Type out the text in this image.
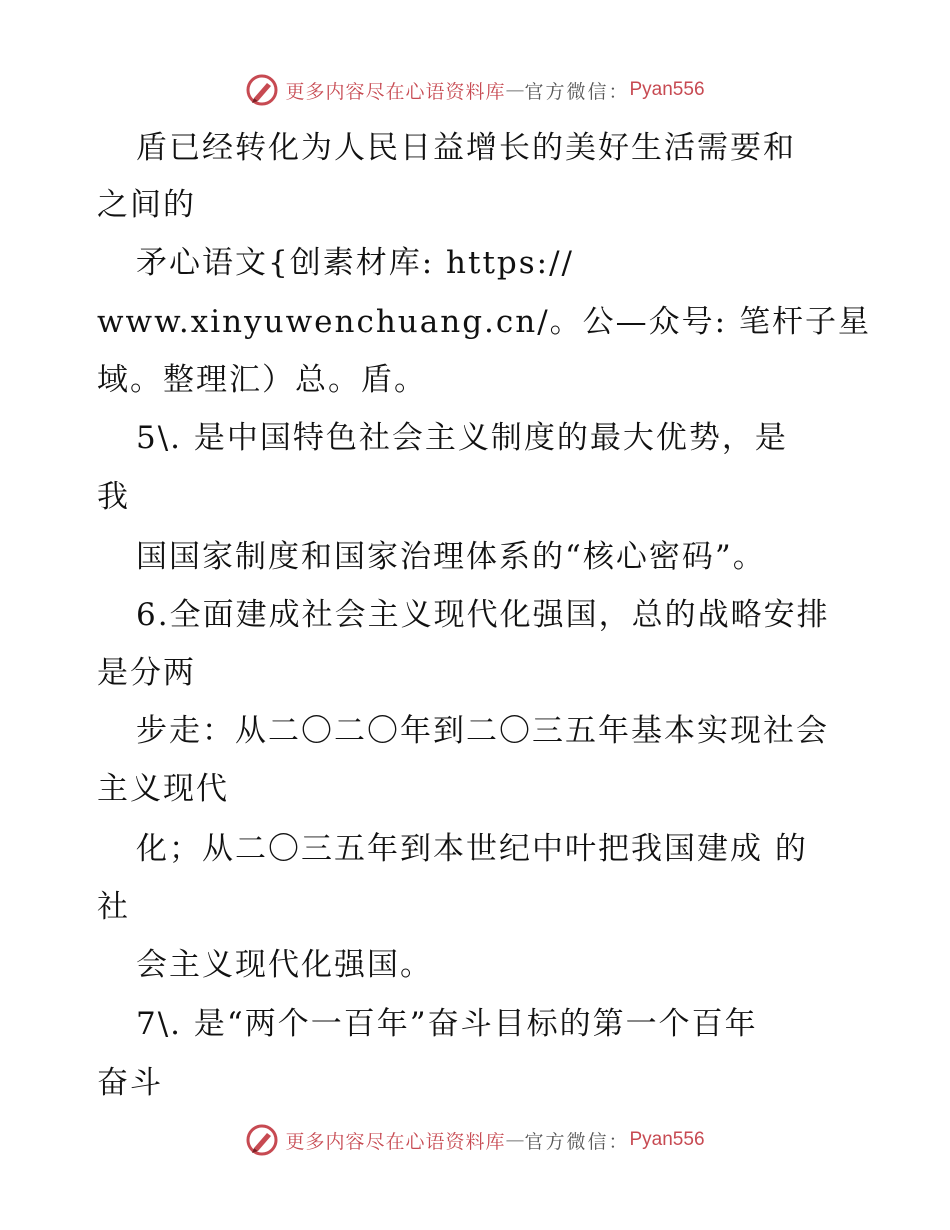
更多内容尽在心语资料库 — 官方微信： Pyan556
盾已经转化为人民日益增长的美好生活需要和
之间的
矛心语文{创素材库: https://
www.xinyuwenchuang.cn/。公—众号: 笔杆子星
域。整理汇）总。盾。
5\. 是中国特色社会主义制度的最大优势，是
我
国国家制度和国家治理体系的“核心密码”。
6.全面建成社会主义现代化强国，总的战略安排
是分两
步走：从二〇二〇年到二〇三五年基本实现社会
主义现代
化；从二〇三五年到本世纪中叶把我国建成 的
社
会主义现代化强国。
7\. 是“两个一百年”奋斗目标的第一个百年
奋斗
更多内容尽在心语资料库 — 官方微信： Pyan556
